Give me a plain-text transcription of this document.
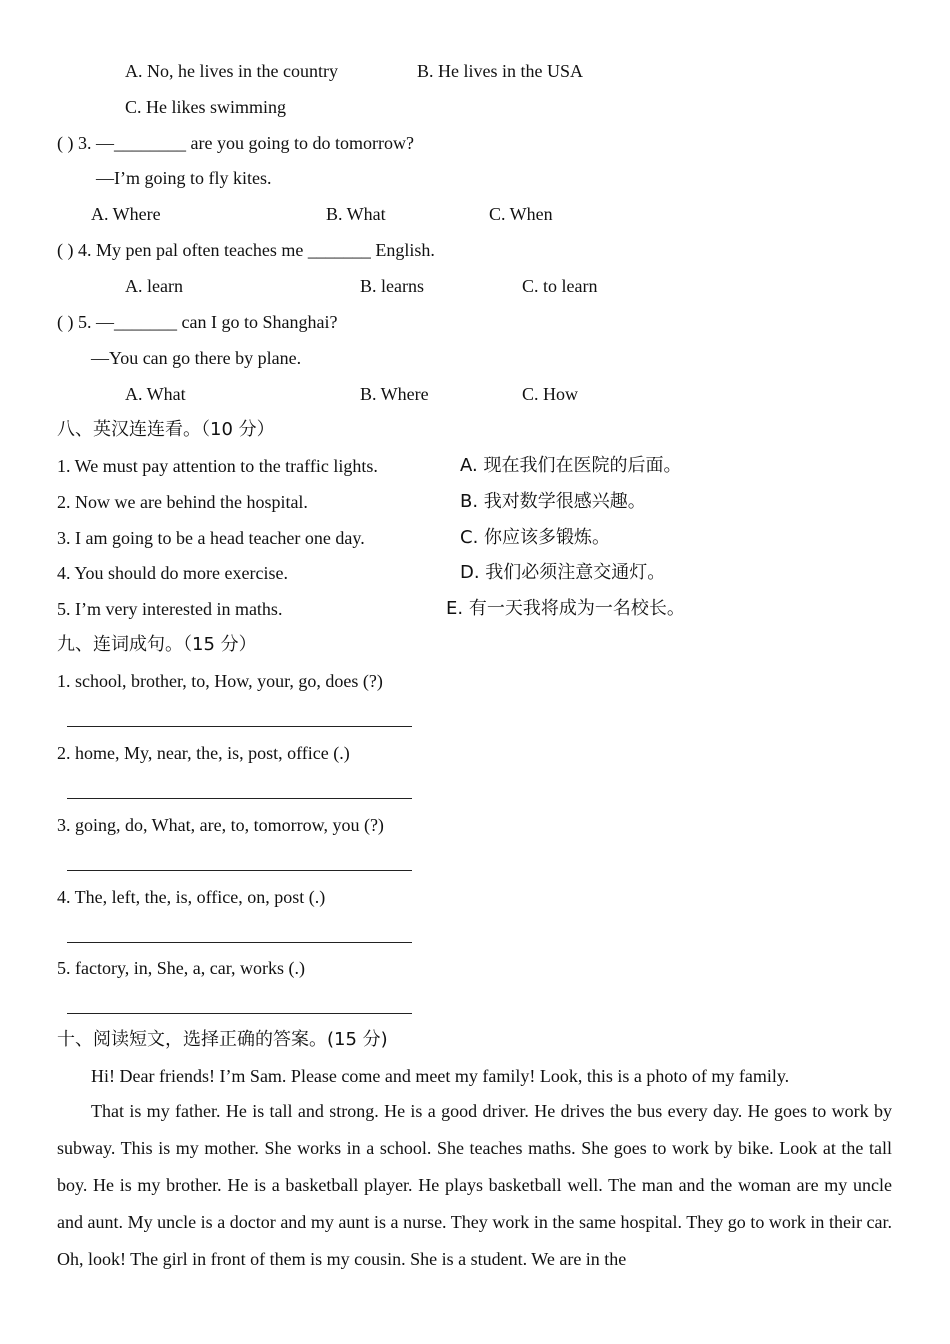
A. No, he lives in the country	B. He lives in the USA
C. He likes swimming
( ) 3. —________ are you going to do tomorrow?
—I’m going to fly kites.
A. Where	B. What	C. When
( ) 4. My pen pal often teaches me _______ English.
A. learn	B. learns	C. to learn
( ) 5. —_______ can I go to Shanghai?
—You can go there by plane.
A. What	B. Where	C. How
八、英汉连连看。（10 分）
1. We must pay attention to the traffic lights.
2. Now we are behind the hospital.
3. I am going to be a head teacher one day.
4. You should do more exercise.
5. I’m very interested in maths.
A. 现在我们在医院的后面。
B. 我对数学很感兴趣。
C. 你应该多锻炼。
D. 我们必须注意交通灯。
E. 有一天我将成为一名校长。
九、连词成句。（15 分）
1. school, brother, to, How, your, go, does (?)
2. home, My, near, the, is, post, office (.)
3. going, do, What, are, to, tomorrow, you (?)
4. The, left, the, is, office, on, post (.)
5. factory, in, She, a, car, works (.)
十、阅读短文，选择正确的答案。(15 分)
Hi! Dear friends! I’m Sam. Please come and meet my family! Look, this is a photo of my family.
That is my father. He is tall and strong. He is a good driver. He drives the bus every day. He goes to work by subway. This is my mother. She works in a school. She teaches maths. She goes to work by bike. Look at the tall boy. He is my brother. He is a basketball player. He plays basketball well. The man and the woman are my uncle and aunt. My uncle is a doctor and my aunt is a nurse. They work in the same hospital. They go to work in their car. Oh, look! The girl in front of them is my cousin. She is a student. We are in the
